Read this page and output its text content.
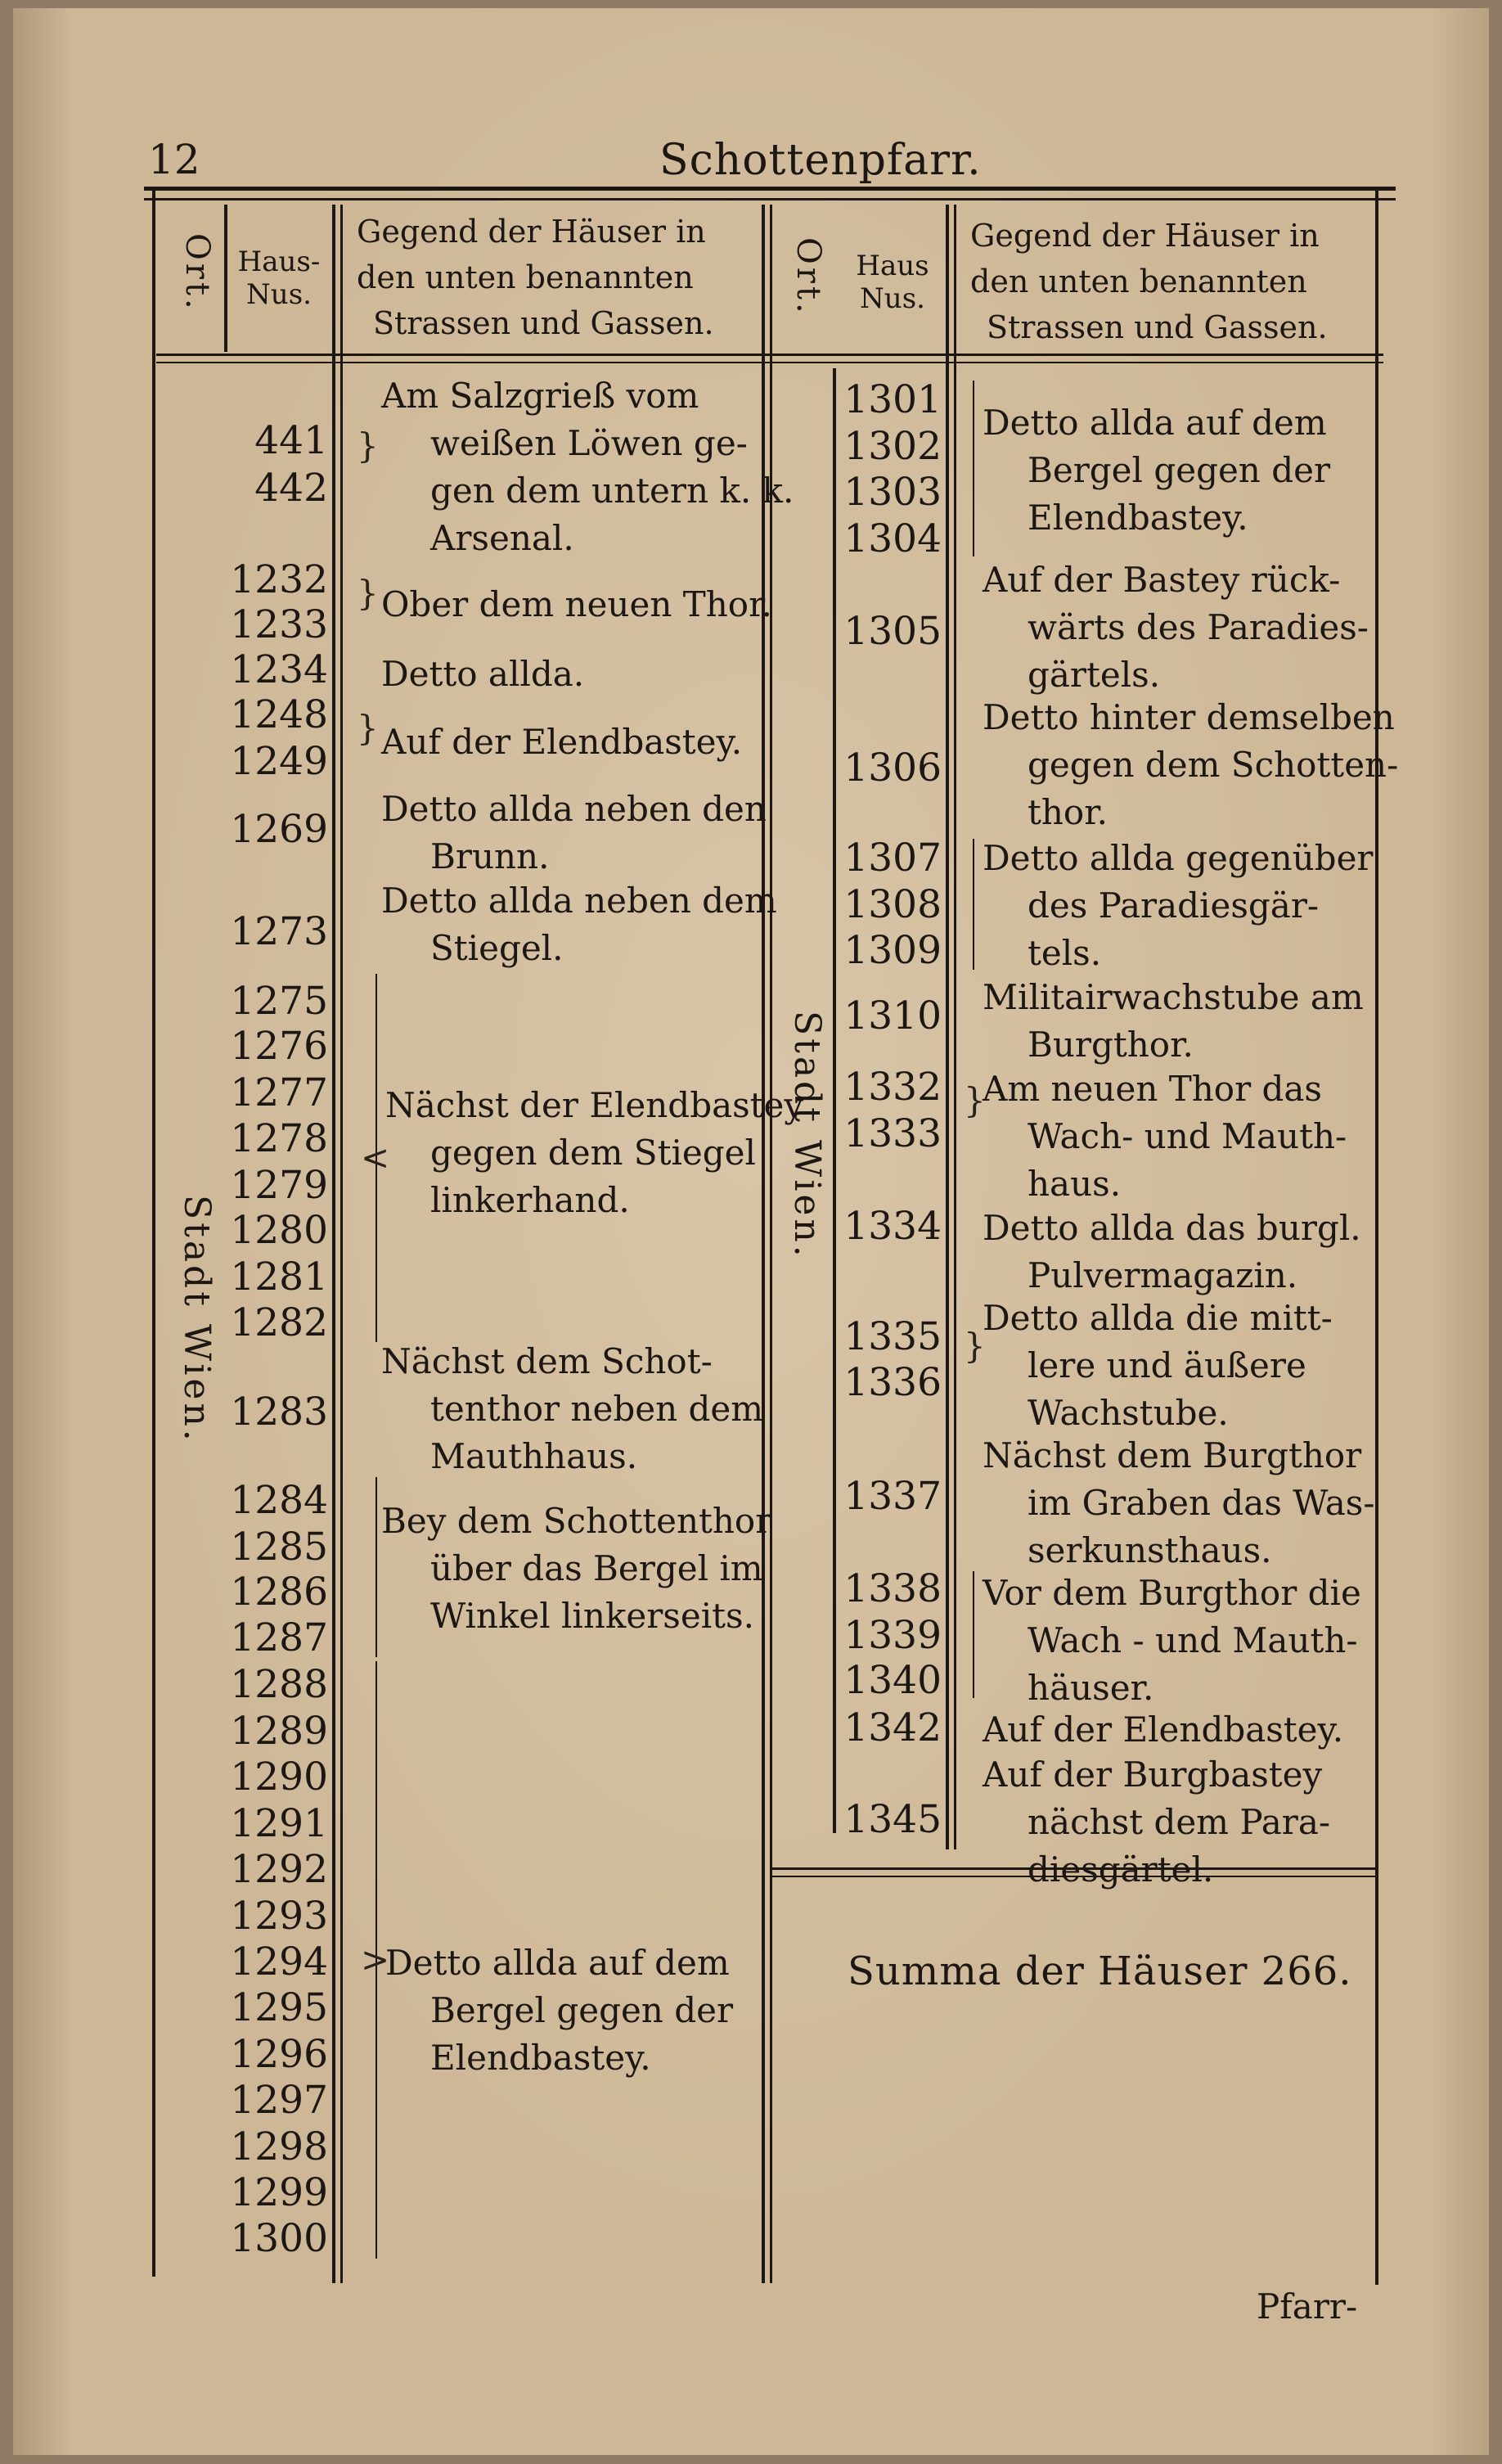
12	Schottenpfarr.
Ort. Haus-Nus.
Gegend der Häuser in
den unten benannten
Strassen und Gassen.
Ort.	Haus Nus.
Gegend der Häuser in
den unten benannten
Strassen und Gassen.
Stadt Wien.
Stadt Wien.
441
442
}
Am Salzgrieß vom
weißen Löwen ge-
gen dem untern k. k.
Arsenal.
1232
1233
} Ober dem neuen Thor.
1234 Detto allda.
1248
1249
} Auf der Elendbastey.
1269 Detto allda neben den
Brunn.
1273
Detto allda neben dem
Stiegel.
1275
1276
1277
1278
1279
1280
1281
1282
<
Nächst der Elendbastey
gegen dem Stiegel
linkerhand.
1283
Nächst dem Schot-
tenthor neben dem
Mauthhaus.
1284
1285
1286
1287
Bey dem Schottenthor
über das Bergel im
Winkel linkerseits.
1288
1289
1290
1291
1292
1293
1294
1295
1296
1297
1298
1299
1300
>
Detto allda auf dem
Bergel gegen der
Elendbastey.
1301
1302
1303
1304
Detto allda auf dem
Bergel gegen der
Elendbastey.
1305
Auf der Bastey rück-
wärts des Paradies-
gärtels.
1306
Detto hinter demselben
gegen dem Schotten-
thor.
1307
1308
1309
Detto allda gegenüber
des Paradiesgär-
tels.
1310 Militairwachstube am
Burgthor.
1332
1333
}
Am neuen Thor das
Wach- und Mauth-
haus.
1334 Detto allda das burgl.
Pulvermagazin.
1335
1336
}
Detto allda die mitt-
lere und äußere
Wachstube.
1337
Nächst dem Burgthor
im Graben das Was-
serkunsthaus.
1338
1339
1340
Vor dem Burgthor die
Wach - und Mauth-
häuser.
1342 Auf der Elendbastey.
1345
Auf der Burgbastey
nächst dem Para-
diesgärtel.
Summa der Häuser 266.
Pfarr-
